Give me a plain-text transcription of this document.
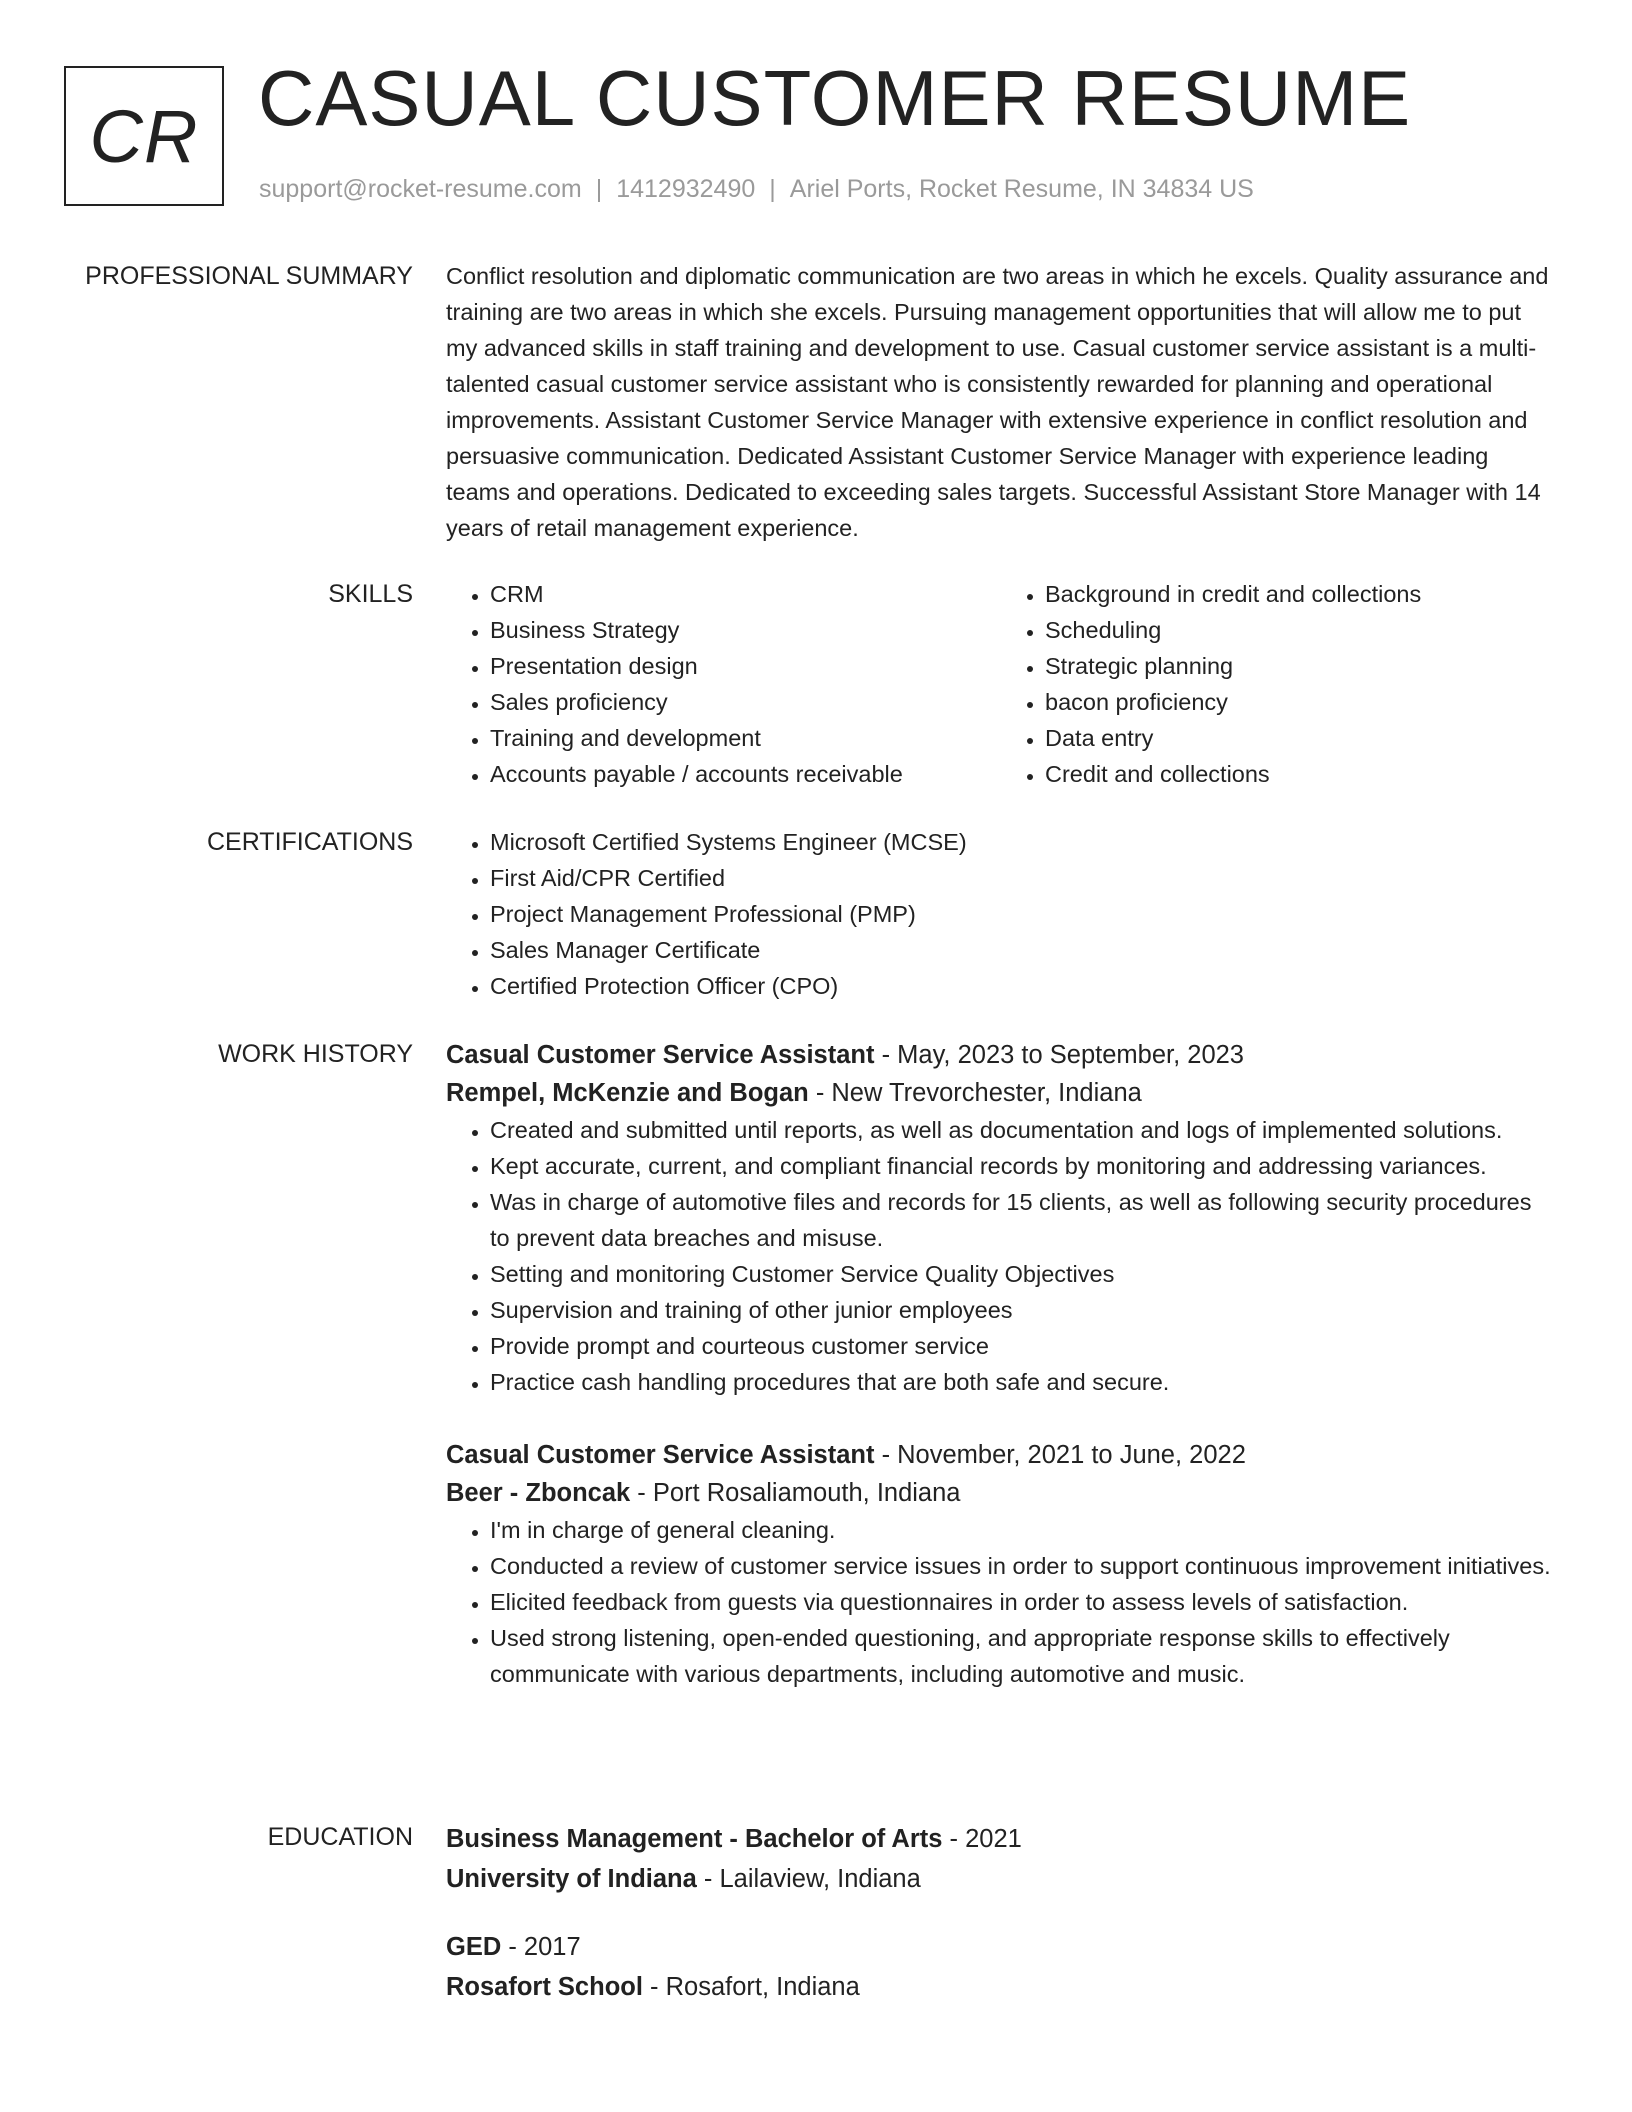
CR CASUAL CUSTOMER RESUME
support@rocket-resume.com | 1412932490 | Ariel Ports, Rocket Resume, IN 34834 US
PROFESSIONAL SUMMARY Conflict resolution and diplomatic communication are two areas in which he excels. Quality assurance and training are two areas in which she excels. Pursuing management opportunities that will allow me to put my advanced skills in staff training and development to use. Casual customer service assistant is a multi-talented casual customer service assistant who is consistently rewarded for planning and operational improvements. Assistant Customer Service Manager with extensive experience in conflict resolution and persuasive communication. Dedicated Assistant Customer Service Manager with experience leading teams and operations. Dedicated to exceeding sales targets. Successful Assistant Store Manager with 14 years of retail management experience.

SKILLS	• CRM
• Business Strategy
• Presentation design
• Sales proficiency
• Training and development
• Accounts payable / accounts receivable
• Background in credit and collections
• Scheduling
• Strategic planning
• bacon proficiency
• Data entry
• Credit and collections
CERTIFICATIONS	• Microsoft Certified Systems Engineer (MCSE)
• First Aid/CPR Certified
• Project Management Professional (PMP)
• Sales Manager Certificate
• Certified Protection Officer (CPO)
WORK HISTORY Casual Customer Service Assistant - May, 2023 to September, 2023
Rempel, McKenzie and Bogan - New Trevorchester, Indiana
• Created and submitted until reports, as well as documentation and logs of implemented solutions.
• Kept accurate, current, and compliant financial records by monitoring and addressing variances.
• Was in charge of automotive files and records for 15 clients, as well as following security procedures to prevent data breaches and misuse.
• Setting and monitoring Customer Service Quality Objectives
• Supervision and training of other junior employees
• Provide prompt and courteous customer service
• Practice cash handling procedures that are both safe and secure.
Casual Customer Service Assistant - November, 2021 to June, 2022
Beer - Zboncak - Port Rosaliamouth, Indiana
• I'm in charge of general cleaning.
• Conducted a review of customer service issues in order to support continuous improvement initiatives.
• Elicited feedback from guests via questionnaires in order to assess levels of satisfaction.
• Used strong listening, open-ended questioning, and appropriate response skills to effectively communicate with various departments, including automotive and music.
EDUCATION Business Management - Bachelor of Arts - 2021
University of Indiana - Lailaview, Indiana
GED - 2017
Rosafort School - Rosafort, Indiana
